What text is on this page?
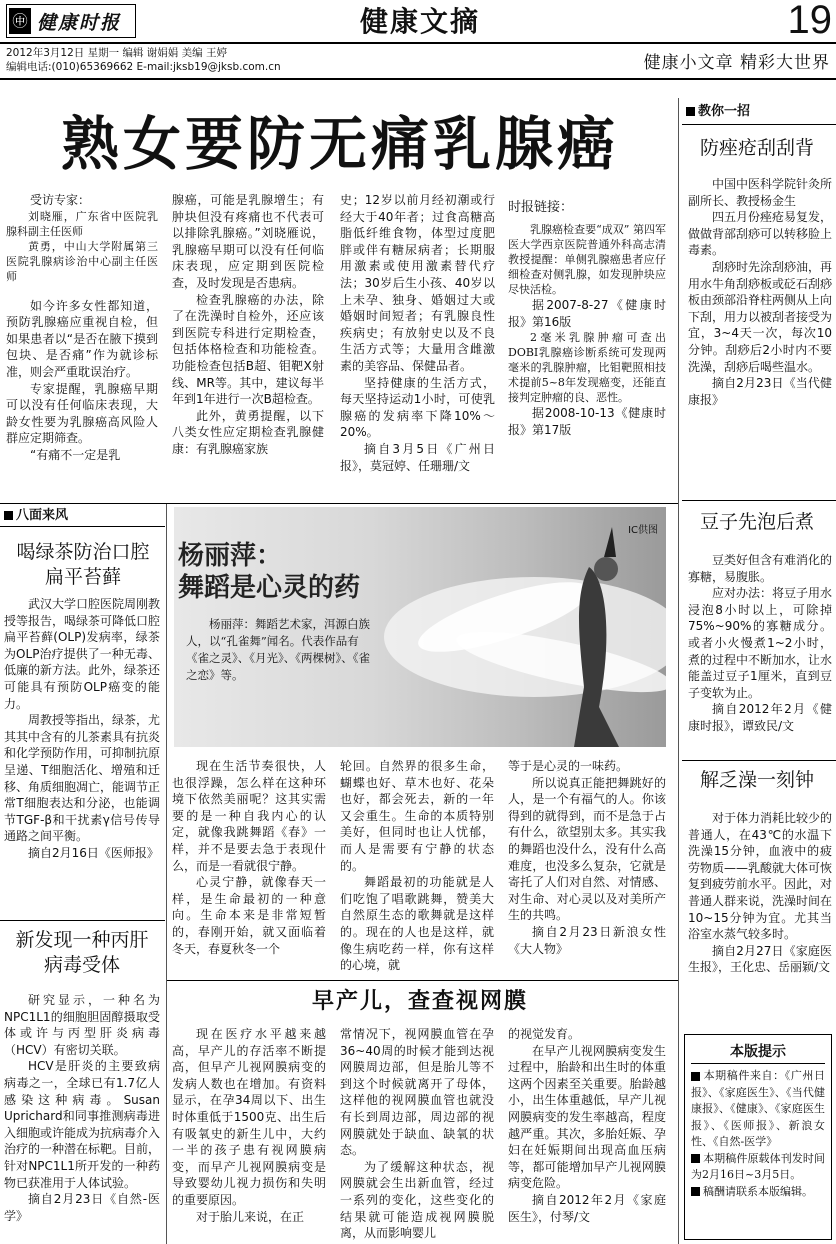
㊥ 健康时报	健康文摘	19
2012年3月12日 星期一 编辑 谢娟娟 美编 王婷
编辑电话:(010)65369662 E-mail:jksb19@jksb.com.cn	健康小文章 精彩大世界
熟女要防无痛乳腺癌

受访专家：

刘晓雁，广东省中医院乳腺科副主任医师

黄勇，中山大学附属第三医院乳腺病诊治中心副主任医师

如今许多女性都知道，预防乳腺癌应重视自检，但如果患者以“是否在腋下摸到包块、是否痛”作为就诊标准，则会严重耽误治疗。

专家提醒，乳腺癌早期可以没有任何临床表现，大龄女性要为乳腺癌高风险人群应定期筛查。

“有痛不一定是乳

腺癌，可能是乳腺增生；有肿块但没有疼痛也不代表可以排除乳腺癌。”刘晓雁说，乳腺癌早期可以没有任何临床表现，应定期到医院检查，及时发现是否患病。

检查乳腺癌的办法，除了在洗澡时自检外，还应该到医院专科进行定期检查，包括体格检查和功能检查。功能检查包括B超、钼靶X射线、MR等。其中，建议每半年到1年进行一次B超检查。

此外，黄勇提醒，以下八类女性应定期检查乳腺健康：有乳腺癌家族

史；12岁以前月经初潮或行经大于40年者；过食高糖高脂低纤维食物，体型过度肥胖或伴有糖尿病者；长期服用激素或使用激素替代疗法；30岁后生小孩、40岁以上未孕、独身、婚姻过大或婚姻时间短者；有乳腺良性疾病史；有放射史以及不良生活方式等；大量用含雌激素的美容品、保健品者。

坚持健康的生活方式，每天坚持运动1小时，可使乳腺癌的发病率下降10%～20%。

摘自3月5日《广州日报》，莫冠婷、任珊珊/文

时报链接：

乳腺癌检查要“成双” 第四军医大学西京医院普通外科高志清教授提醒：单侧乳腺癌患者应仔细检查对侧乳腺，如发现肿块应尽快活检。

据2007-8-27《健康时报》第16版

2毫米乳腺肿瘤可查出 DOBI乳腺癌诊断系统可发现两毫米的乳腺肿瘤，比钼靶照相技术提前5~8年发现癌变，还能直接判定肿瘤的良、恶性。

据2008-10-13《健康时报》第17版

八面来风
喝绿茶防治口腔扁平苔藓

武汉大学口腔医院周刚教授等报告，喝绿茶可降低口腔扁平苔藓(OLP)发病率，绿茶为OLP治疗提供了一种无毒、低廉的新方法。此外，绿茶还可能具有预防OLP癌变的能力。

周教授等指出，绿茶，尤其其中含有的儿茶素具有抗炎和化学预防作用，可抑制抗原呈递、T细胞活化、增殖和迁移、角质细胞凋亡，能调节正常T细胞表达和分泌，也能调节TGF-β和干扰素γ信号传导通路之间平衡。

摘自2月16日《医师报》

新发现一种丙肝病毒受体

研究显示，一种名为NPC1L1的细胞胆固醇摄取受体或许与丙型肝炎病毒（HCV）有密切关联。

HCV是肝炎的主要致病病毒之一，全球已有1.7亿人感染这种病毒。Susan Uprichard和同事推测病毒进入细胞或许能成为抗病毒介入治疗的一种潜在标靶。目前，针对NPC1L1所开发的一种药物已获准用于人体试验。

摘自2月23日《自然-医学》

IC供图
杨丽萍：
舞蹈是心灵的药
杨丽萍：舞蹈艺术家，洱源白族人，以“孔雀舞”闻名。代表作品有《雀之灵》、《月光》、《两棵树》、《雀之恋》等。

现在生活节奏很快，人也很浮躁，怎么样在这种环境下依然美丽呢？这其实需要的是一种自我内心的认定，就像我跳舞蹈《春》一样，并不是要去急于表现什么，而是一看就很宁静。

心灵宁静，就像春天一样，是生命最初的一种意向。生命本来是非常短暂的，春刚开始，就又面临着冬天，春夏秋冬一个

轮回。自然界的很多生命，蝴蝶也好、草木也好、花朵也好，都会死去，新的一年又会重生。生命的本质特别美好，但同时也让人忧郁，而人是需要有宁静的状态的。

舞蹈最初的功能就是人们吃饱了唱歌跳舞，赞美大自然原生态的歌舞就是这样的。现在的人也是这样，就像生病吃药一样，你有这样的心境，就

等于是心灵的一味药。

所以说真正能把舞跳好的人，是一个有福气的人。你该得到的就得到，而不是急于占有什么，欲望别太多。其实我的舞蹈也没什么，没有什么高难度，也没多么复杂，它就是寄托了人们对自然、对情感、对生命、对心灵以及对美所产生的共鸣。

摘自2月23日新浪女性《大人物》

早产儿，查查视网膜

现在医疗水平越来越高，早产儿的存活率不断提高，但早产儿视网膜病变的发病人数也在增加。有资料显示，在孕34周以下、出生时体重低于1500克、出生后有吸氧史的新生儿中，大约一半的孩子患有视网膜病变，而早产儿视网膜病变是导致婴幼儿视力损伤和失明的重要原因。

对于胎儿来说，在正

常情况下，视网膜血管在孕36~40周的时候才能到达视网膜周边部，但是胎儿等不到这个时候就离开了母体，这样他的视网膜血管也就没有长到周边部，周边部的视网膜就处于缺血、缺氧的状态。

为了缓解这种状态，视网膜就会生出新血管，经过一系列的变化，这些变化的结果就可能造成视网膜脱离，从而影响婴儿

的视觉发育。

在早产儿视网膜病变发生过程中，胎龄和出生时的体重这两个因素至关重要。胎龄越小，出生体重越低，早产儿视网膜病变的发生率越高，程度越严重。其次，多胎妊娠、孕妇在妊娠期间出现高血压病等，都可能增加早产儿视网膜病变危险。

摘自2012年2月《家庭医生》，付琴/文

教你一招
防痤疮刮刮背

中国中医科学院针灸所副所长、教授杨金生

四五月份痤疮易复发，做做背部刮痧可以转移脸上毒素。

刮痧时先涂刮痧油，再用水牛角刮痧板或砭石刮痧板由颈部沿脊柱两侧从上向下刮，用力以被刮者接受为宜，3~4天一次，每次10分钟。刮痧后2小时内不要洗澡，刮痧后喝些温水。

摘自2月23日《当代健康报》

豆子先泡后煮

豆类好但含有难消化的寡糖，易腹胀。

应对办法：将豆子用水浸泡8小时以上，可除掉75%~90%的寡糖成分。或者小火慢煮1~2小时，煮的过程中不断加水，让水能盖过豆子1厘米，直到豆子变软为止。

摘自2012年2月《健康时报》，谭致民/文

解乏澡一刻钟

对于体力消耗比较少的普通人，在43℃的水温下洗澡15分钟，血液中的疲劳物质——乳酸就大体可恢复到疲劳前水平。因此，对普通人群来说，洗澡时间在10~15分钟为宜。尤其当浴室水蒸气较多时。

摘自2月27日《家庭医生报》，王化忠、岳丽颖/文

本版提示

本期稿件来自：《广州日报》、《家庭医生》、《当代健康报》、《健康》、《家庭医生报》、《医师报》、新浪女性、《自然-医学》

本期稿件原载体刊发时间为2月16日~3月5日。

稿酬请联系本版编辑。
